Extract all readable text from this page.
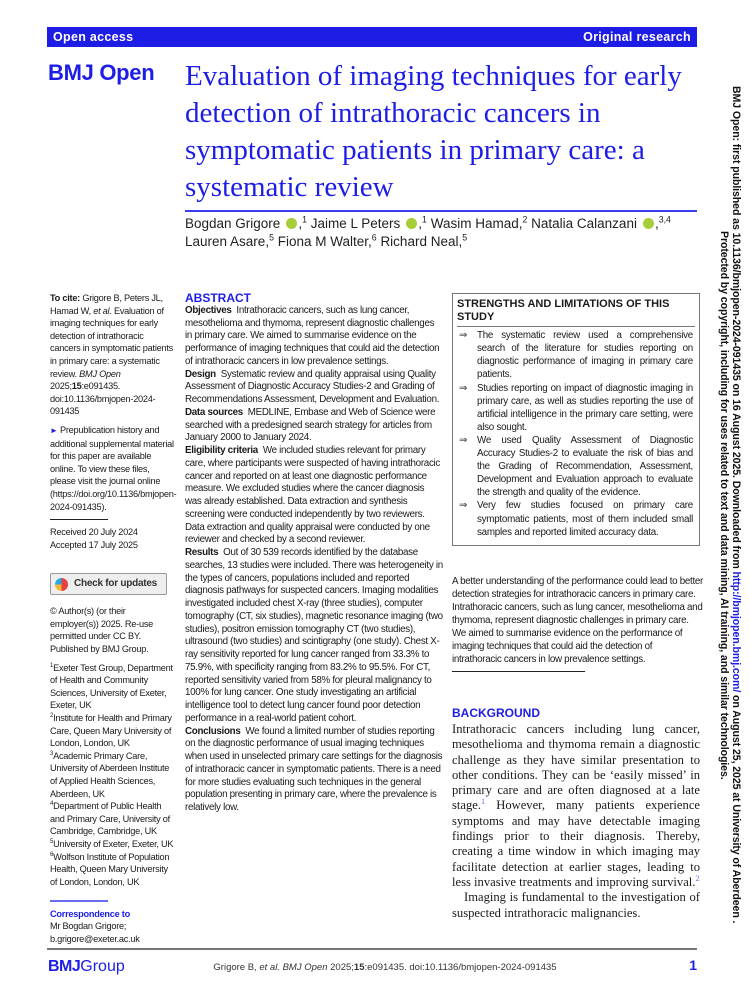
Open access	Original research
BMJ Open Evaluation of imaging techniques for early detection of intrathoracic cancers in symptomatic patients in primary care: a systematic review
Bogdan Grigore ,$^1$ Jaime L Peters ,$^1$ Wasim Hamad,$^2$ Natalia Calanzani ,$^{3,4}$
Lauren Asare,$^5$ Fiona M Walter,$^6$ Richard Neal,$^5$

To cite: Grigore B, Peters JL, Hamad W, et al. Evaluation of imaging techniques for early detection of intrathoracic cancers in symptomatic patients in primary care: a systematic review. BMJ Open 2025;15:e091435. doi:10.1136/bmjopen-2024-091435

► Prepublication history and additional supplemental material for this paper are available online. To view these files, please visit the journal online (https://doi.org/10.1136/bmjopen-2024-091435).

Received 20 July 2024
Accepted 17 July 2025
Check for updates

© Author(s) (or their employer(s)) 2025. Re-use permitted under CC BY. Published by BMJ Group.

$^1$Exeter Test Group, Department of Health and Community Sciences, University of Exeter, Exeter, UK
$^2$Institute for Health and Primary Care, Queen Mary University of London, London, UK
$^3$Academic Primary Care, University of Aberdeen Institute of Applied Health Sciences, Aberdeen, UK
$^4$Department of Public Health and Primary Care, University of Cambridge, Cambridge, UK
$^5$University of Exeter, Exeter, UK
$^6$Wolfson Institute of Population Health, Queen Mary University of London, London, UK
Correspondence to
Mr Bogdan Grigore;
b.grigore@exeter.ac.uk
ABSTRACT

Objectives Intrathoracic cancers, such as lung cancer, mesothelioma and thymoma, represent diagnostic challenges in primary care. We aimed to summarise evidence on the performance of imaging techniques that could aid the detection of intrathoracic cancers in low prevalence settings.

Design Systematic review and quality appraisal using Quality Assessment of Diagnostic Accuracy Studies-2 and Grading of Recommendations Assessment, Development and Evaluation.

Data sources MEDLINE, Embase and Web of Science were searched with a predesigned search strategy for articles from January 2000 to January 2024.

Eligibility criteria We included studies relevant for primary care, where participants were suspected of having intrathoracic cancer and reported on at least one diagnostic performance measure. We excluded studies where the cancer diagnosis was already established. Data extraction and synthesis screening were conducted independently by two reviewers. Data extraction and quality appraisal were conducted by one reviewer and checked by a second reviewer.

Results Out of 30 539 records identified by the database searches, 13 studies were included. There was heterogeneity in the types of cancers, populations included and reported diagnosis pathways for suspected cancers. Imaging modalities investigated included chest X-ray (three studies), computer tomography (CT, six studies), magnetic resonance imaging (two studies), positron emission tomography CT (two studies), ultrasound (two studies) and scintigraphy (one study). Chest X-ray sensitivity reported for lung cancer ranged from 33.3% to 75.9%, with specificity ranging from 83.2% to 95.5%. For CT, reported sensitivity varied from 58% for pleural malignancy to 100% for lung cancer. One study investigating an artificial intelligence tool to detect lung cancer found poor detection performance in a real-world patient cohort.

Conclusions We found a limited number of studies reporting on the diagnostic performance of usual imaging techniques when used in unselected primary care settings for the diagnosis of intrathoracic cancer in symptomatic patients. There is a need for more studies evaluating such techniques in the general population presenting in primary care, where the prevalence is relatively low.

STRENGTHS AND LIMITATIONS OF THIS STUDY
⇒	The systematic review used a comprehensive search of the literature for studies reporting on diagnostic performance of imaging in primary care patients.
⇒	Studies reporting on impact of diagnostic imaging in primary care, as well as studies reporting the use of artificial intelligence in the primary care setting, were also sought.
⇒	We used Quality Assessment of Diagnostic Accuracy Studies-2 to evaluate the risk of bias and the Grading of Recommendation, Assessment, Development and Evaluation approach to evaluate the strength and quality of the evidence.
⇒	Very few studies focused on primary care symptomatic patients, most of them included small samples and reported limited accuracy data.

A better understanding of the performance could lead to better detection strategies for intrathoracic cancers in primary care. Intrathoracic cancers, such as lung cancer, mesothelioma and thymoma, represent diagnostic challenges in primary care. We aimed to summarise evidence on the performance of imaging techniques that could aid the detection of intrathoracic cancers in low prevalence settings.

BACKGROUND

Intrathoracic cancers including lung cancer, mesothelioma and thymoma remain a diagnostic challenge as they have similar presentation to other conditions. They can be ‘easily missed’ in primary care and are often diagnosed at a late stage.$^1$ However, many patients experience symptoms and may have detectable imaging findings prior to their diagnosis. Thereby, creating a time window in which imaging may facilitate detection at earlier stages, leading to less invasive treatments and improving survival.$^2$

Imaging is fundamental to the investigation of suspected intrathoracic malignancies.

BMJGroup	Grigore B, et al. BMJ Open 2025;15:e091435. doi:10.1136/bmjopen-2024-091435	1
BMJ Open: first published as 10.1136/bmjopen-2024-091435 on 16 August 2025. Downloaded from http://bmjopen.bmj.com/ on August 25, 2025 at University of Aberdeen .
Protected by copyright, including for uses related to text and data mining, AI training, and similar technologies.
